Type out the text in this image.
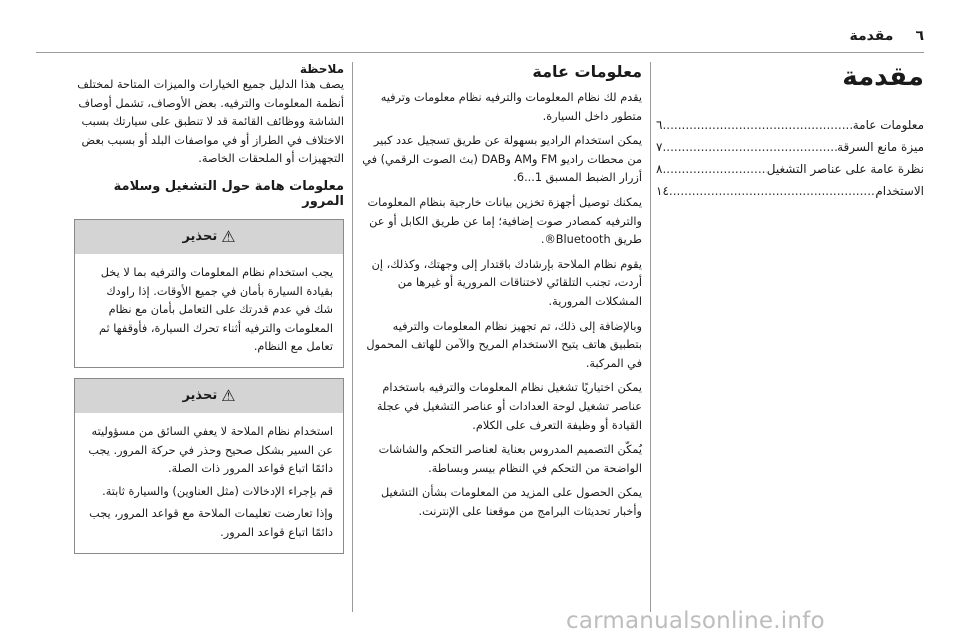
٦
مقدمة
مقدمة
معلومات عامة
.....
٦
ميزة مانع السرقة
.....
٧
نظرة عامة على عناصر التشغيل
.....
٨
الاستخدام
.....
١٤
معلومات عامة

يقدم لك نظام المعلومات والترفيه نظام معلومات وترفيه متطور داخل السيارة.

يمكن استخدام الراديو بسهولة عن طريق تسجيل عدد كبير من محطات راديو FM وAM وDAB (بث الصوت الرقمي) في أزرار الضبط المسبق 1...6.

يمكنك توصيل أجهزة تخزين بيانات خارجية بنظام المعلومات والترفيه كمصادر صوت إضافية؛ إما عن طريق الكابل أو عن طريق Bluetooth®.

يقوم نظام الملاحة بإرشادك باقتدار إلى وجهتك، وكذلك، إن أردت، تجنب التلقائي لاختناقات المرورية أو غيرها من المشكلات المرورية.

وبالإضافة إلى ذلك، تم تجهيز نظام المعلومات والترفيه بتطبيق هاتف يتيح الاستخدام المريح والآمن للهاتف المحمول في المركبة.

يمكن اختياريًا تشغيل نظام المعلومات والترفيه باستخدام عناصر تشغيل لوحة العدادات أو عناصر التشغيل في عجلة القيادة أو وظيفة التعرف على الكلام.

يُمكّن التصميم المدروس بعناية لعناصر التحكم والشاشات الواضحة من التحكم في النظام بيسر وبساطة.

يمكن الحصول على المزيد من المعلومات بشأن التشغيل وأخبار تحديثات البرامج من موقعنا على الإنترنت.

ملاحظة

يصف هذا الدليل جميع الخيارات والميزات المتاحة لمختلف أنظمة المعلومات والترفيه. بعض الأوصاف، تشمل أوصاف الشاشة ووظائف القائمة قد لا تنطبق على سيارتك بسبب الاختلاف في الطراز أو في مواصفات البلد أو بسبب بعض التجهيزات أو الملحقات الخاصة.

معلومات هامة حول التشغيل وسلامة المرور
⚠
تحذير

يجب استخدام نظام المعلومات والترفيه بما لا يخل بقيادة السيارة بأمان في جميع الأوقات. إذا راودك شك في عدم قدرتك على التعامل بأمان مع نظام المعلومات والترفيه أثناء تحرك السيارة، فأوقفها ثم تعامل مع النظام.

⚠
تحذير

استخدام نظام الملاحة لا يعفي السائق من مسؤوليته عن السير بشكل صحيح وحذر في حركة المرور. يجب دائمًا اتباع قواعد المرور ذات الصلة.

قم بإجراء الإدخالات (مثل العناوين) والسيارة ثابتة.

وإذا تعارضت تعليمات الملاحة مع قواعد المرور، يجب دائمًا اتباع قواعد المرور.

carmanualsonline.info
